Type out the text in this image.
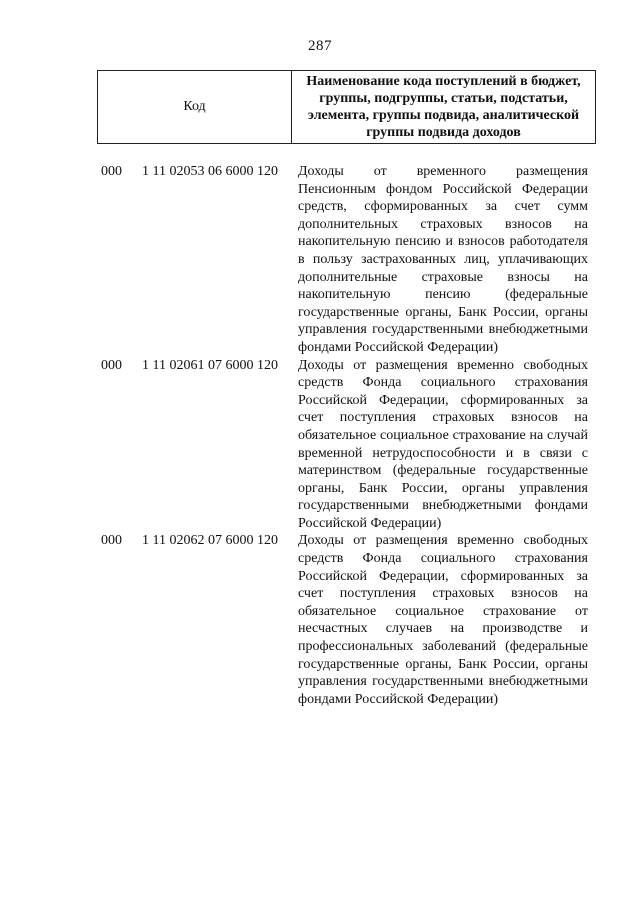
287
Код
Наименование кода поступлений в бюджет, группы, подгруппы, статьи, подстатьи, элемента, группы подвида, аналитической группы подвида доходов
000 1 11 02053 06 6000 120 Доходы от временного размещения Пенсионным фондом Российской Федерации средств, сформированных за счет сумм дополнительных страховых взносов на накопительную пенсию и взносов работодателя в пользу застрахованных лиц, уплачивающих дополнительные страховые взносы на накопительную пенсию (федеральные государственные органы, Банк России, органы управления государственными внебюджетными фондами Российской Федерации)
000 1 11 02061 07 6000 120 Доходы от размещения временно свободных средств Фонда социального страхования Российской Федерации, сформированных за счет поступления страховых взносов на обязательное социальное страхование на случай временной нетрудоспособности и в связи с материнством (федеральные государственные органы, Банк России, органы управления государственными внебюджетными фондами Российской Федерации)
000 1 11 02062 07 6000 120 Доходы от размещения временно свободных средств Фонда социального страхования Российской Федерации, сформированных за счет поступления страховых взносов на обязательное социальное страхование от несчастных случаев на производстве и профессиональных заболеваний (федеральные государственные органы, Банк России, органы управления государственными внебюджетными фондами Российской Федерации)
